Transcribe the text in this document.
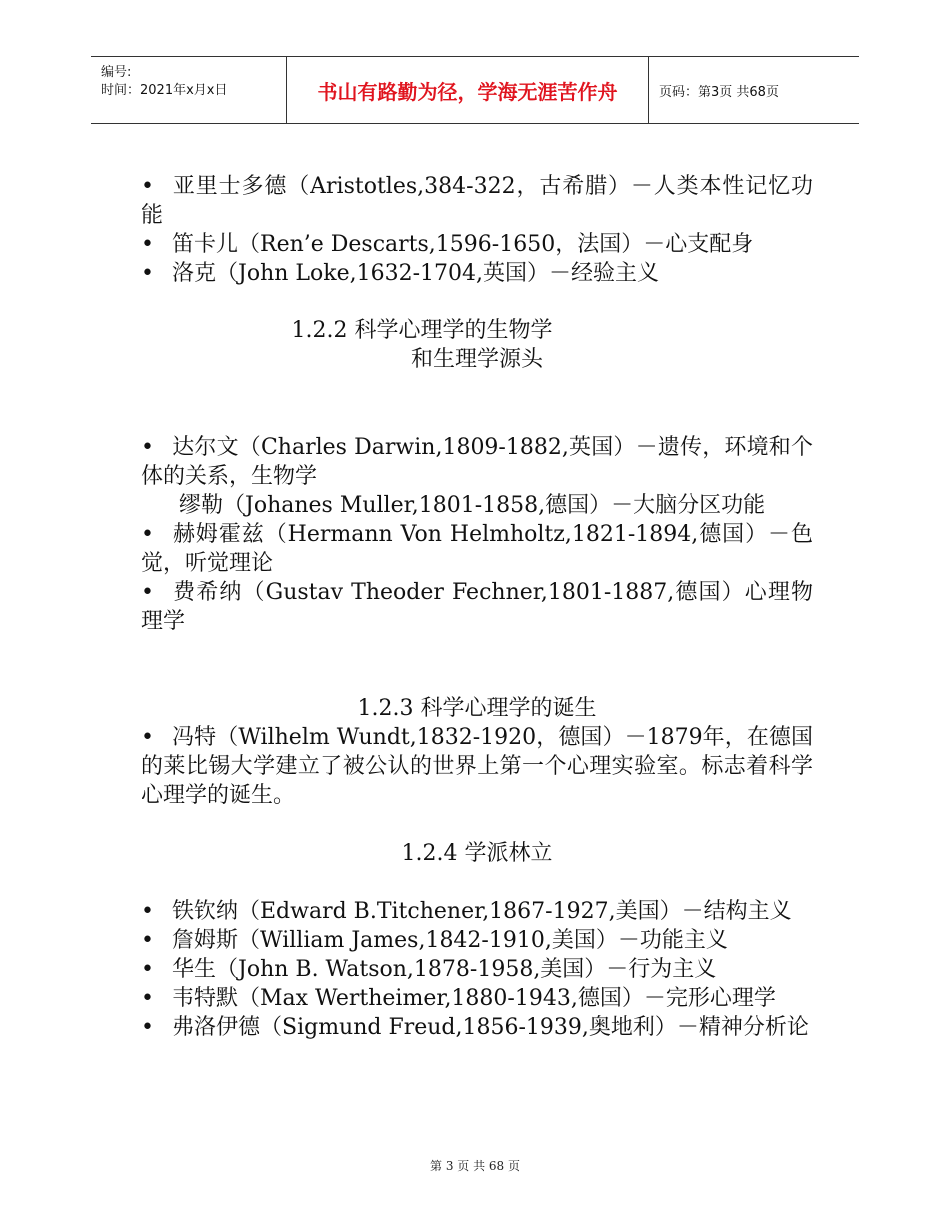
编号:
时间：2021年x月x日	书山有路勤为径，学海无涯苦作舟	页码：第3页 共68页

• 亚里士多德（Aristotles,384-322，古希腊）－人类本性记忆功能

• 笛卡儿（Ren’e Descarts,1596-1650，法国）－心支配身

• 洛克（John Loke,1632-1704,英国）－经验主义

1.2.2 科学心理学的生物学

和生理学源头

• 达尔文（Charles Darwin,1809-1882,英国）－遗传，环境和个体的关系，生物学

缪勒（Johanes Muller,1801-1858,德国）－大脑分区功能

• 赫姆霍兹（Hermann Von Helmholtz,1821-1894,德国）－色觉，听觉理论

• 费希纳（Gustav Theoder Fechner,1801-1887,德国）心理物理学

1.2.3 科学心理学的诞生

• 冯特（Wilhelm Wundt,1832-1920，德国）－1879年，在德国的莱比锡大学建立了被公认的世界上第一个心理实验室。标志着科学心理学的诞生。

1.2.4 学派林立

• 铁钦纳（Edward B.Titchener,1867-1927,美国）－结构主义

• 詹姆斯（William James,1842-1910,美国）－功能主义

• 华生（John B. Watson,1878-1958,美国）－行为主义

• 韦特默（Max Wertheimer,1880-1943,德国）－完形心理学

• 弗洛伊德（Sigmund Freud,1856-1939,奥地利）－精神分析论

第 3 页 共 68 页
